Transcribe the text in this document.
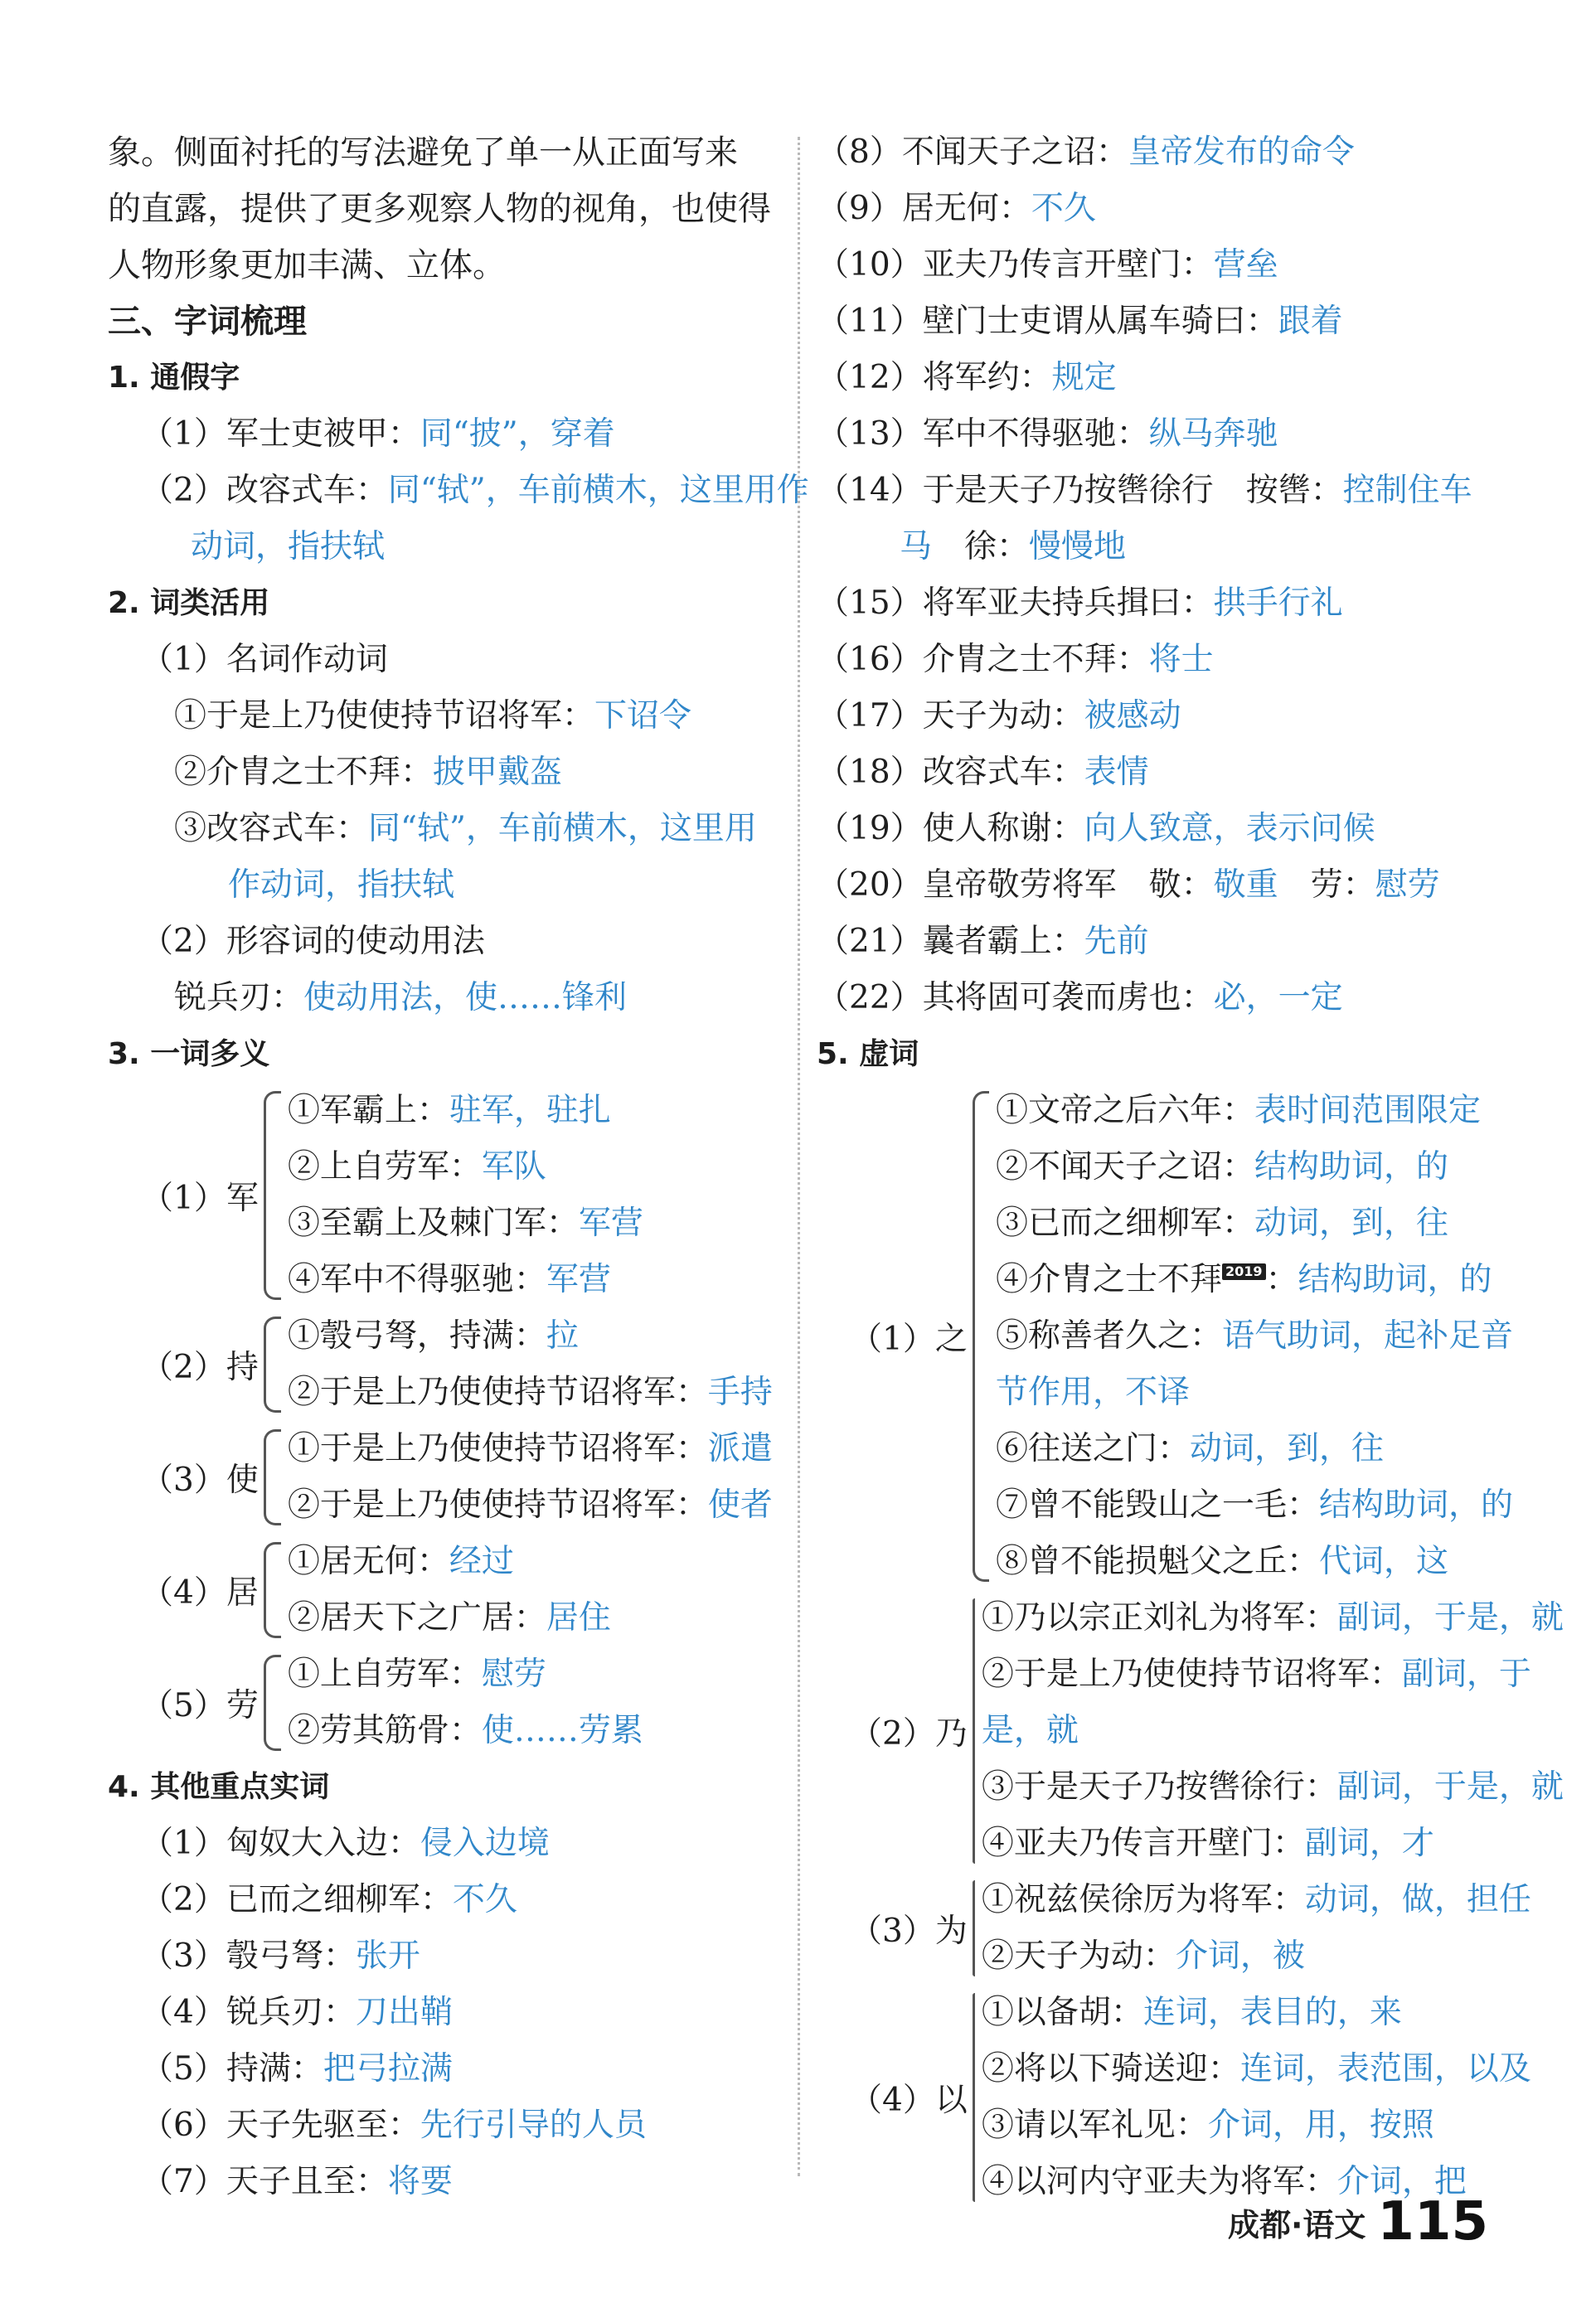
象。侧面衬托的写法避免了单一从正面写来

的直露，提供了更多观察人物的视角，也使得

人物形象更加丰满、立体。

三、字词梳理
1. 通假字
（1）军士吏被甲：同“披”，穿着
（2）改容式车：同“轼”，车前横木，这里用作
动词，指扶轼
2. 词类活用
（1）名词作动词
①于是上乃使使持节诏将军：下诏令
②介胄之士不拜：披甲戴盔
③改容式车：同“轼”，车前横木，这里用
作动词，指扶轼
（2）形容词的使动用法
锐兵刃：使动用法，使……锋利
3. 一词多义
（1）军
①军霸上：驻军，驻扎
②上自劳军：军队
③至霸上及棘门军：军营
④军中不得驱驰：军营
（2）持
①彀弓弩，持满：拉
②于是上乃使使持节诏将军：手持
（3）使
①于是上乃使使持节诏将军：派遣
②于是上乃使使持节诏将军：使者
（4）居
①居无何：经过
②居天下之广居：居住
（5）劳
①上自劳军：慰劳
②劳其筋骨：使……劳累
4. 其他重点实词
（1）匈奴大入边：侵入边境
（2）已而之细柳军：不久
（3）彀弓弩：张开
（4）锐兵刃：刀出鞘
（5）持满：把弓拉满
（6）天子先驱至：先行引导的人员
（7）天子且至：将要
（8）不闻天子之诏：皇帝发布的命令
（9）居无何：不久
（10）亚夫乃传言开壁门：营垒
（11）壁门士吏谓从属车骑曰：跟着
（12）将军约：规定
（13）军中不得驱驰：纵马奔驰
（14）于是天子乃按辔徐行　按辔：控制住车
马　徐：慢慢地
（15）将军亚夫持兵揖曰：拱手行礼
（16）介胄之士不拜：将士
（17）天子为动：被感动
（18）改容式车：表情
（19）使人称谢：向人致意，表示问候
（20）皇帝敬劳将军　敬：敬重　劳：慰劳
（21）曩者霸上：先前
（22）其将固可袭而虏也：必，一定
5. 虚词
（1）之
①文帝之后六年：表时间范围限定
②不闻天子之诏：结构助词，的
③已而之细柳军：动词，到，往
④介胄之士不拜 2019 ：结构助词，的
⑤称善者久之：语气助词，起补足音
节作用，不译
⑥往送之门：动词，到，往
⑦曾不能毁山之一毛：结构助词，的
⑧曾不能损魁父之丘：代词，这
（2）乃
①乃以宗正刘礼为将军：副词，于是，就
②于是上乃使使持节诏将军：副词，于
是，就
③于是天子乃按辔徐行：副词，于是，就
④亚夫乃传言开壁门：副词，才
（3）为
①祝兹侯徐厉为将军：动词，做，担任
②天子为动：介词，被
（4）以
①以备胡：连词，表目的，来
②将以下骑送迎：连词，表范围，以及
③请以军礼见：介词，用，按照
④以河内守亚夫为将军：介词，把
成都·语文 115
